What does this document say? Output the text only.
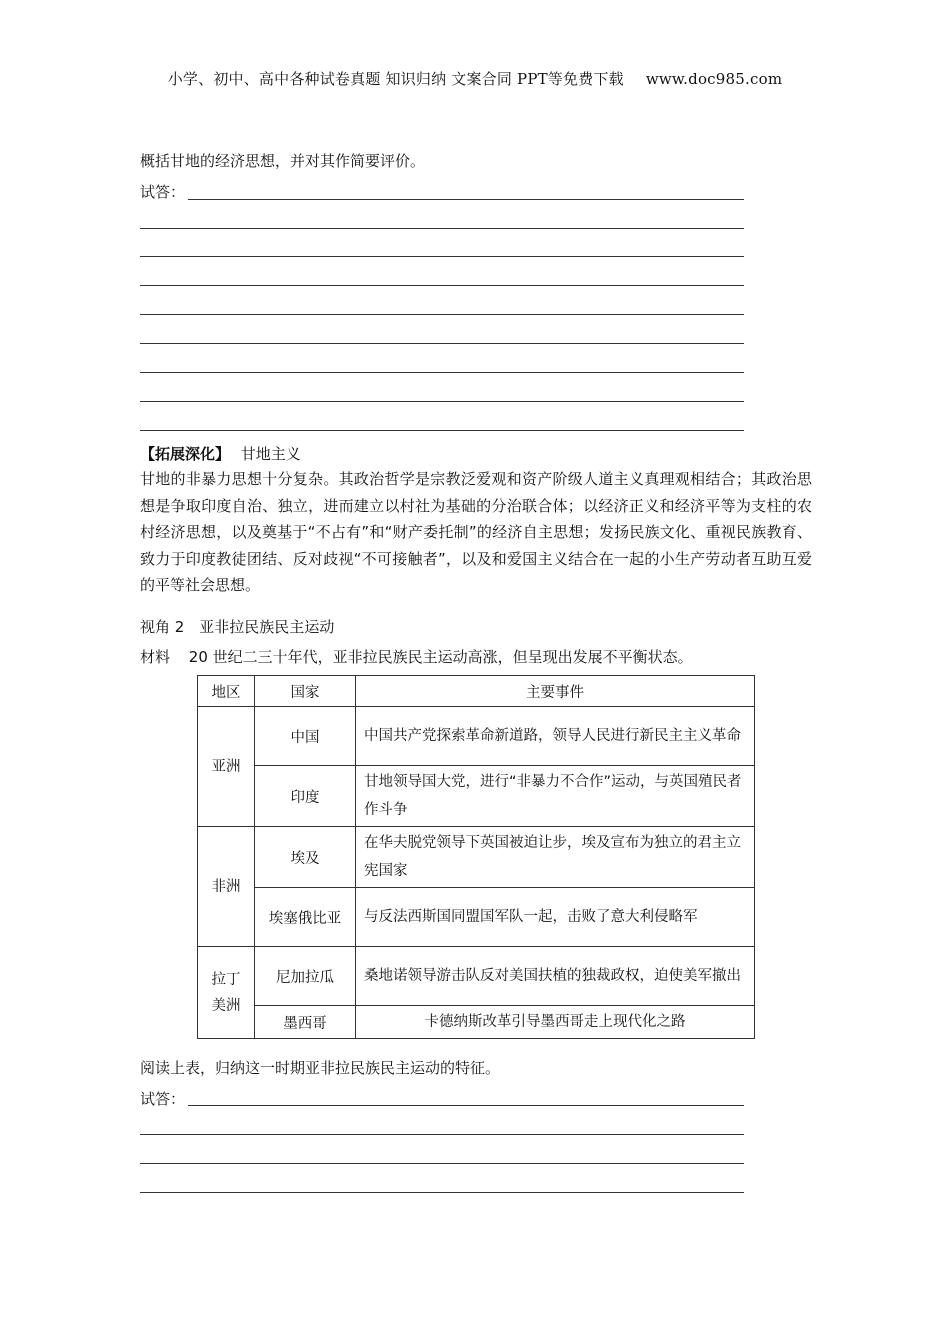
小学、初中、高中各种试卷真题 知识归纳 文案合同 PPT等免费下载 www.doc985.com
概括甘地的经济思想，并对其作简要评价。
试答：
【拓展深化】 甘地主义
甘地的非暴力思想十分复杂。其政治哲学是宗教泛爱观和资产阶级人道主义真理观相结合；其政治思想是争取印度自治、独立，进而建立以村社为基础的分治联合体；以经济正义和经济平等为支柱的农村经济思想，以及奠基于“不占有”和“财产委托制”的经济自主思想；发扬民族文化、重视民族教育、致力于印度教徒团结、反对歧视“不可接触者”，以及和爱国主义结合在一起的小生产劳动者互助互爱的平等社会思想。
视角 2　亚非拉民族民主运动
材料 20 世纪二三十年代，亚非拉民族民主运动高涨，但呈现出发展不平衡状态。
地区	国家	主要事件
亚洲	中国	中国共产党探索革命新道路，领导人民进行新民主主义革命
	印度	甘地领导国大党，进行“非暴力不合作”运动，与英国殖民者作斗争
非洲	埃及	在华夫脱党领导下英国被迫让步，埃及宣布为独立的君主立宪国家
	埃塞俄比亚	与反法西斯国同盟国军队一起，击败了意大利侵略军
拉丁美洲	尼加拉瓜	桑地诺领导游击队反对美国扶植的独裁政权，迫使美军撤出
	墨西哥	卡德纳斯改革引导墨西哥走上现代化之路
阅读上表，归纳这一时期亚非拉民族民主运动的特征。
试答：
